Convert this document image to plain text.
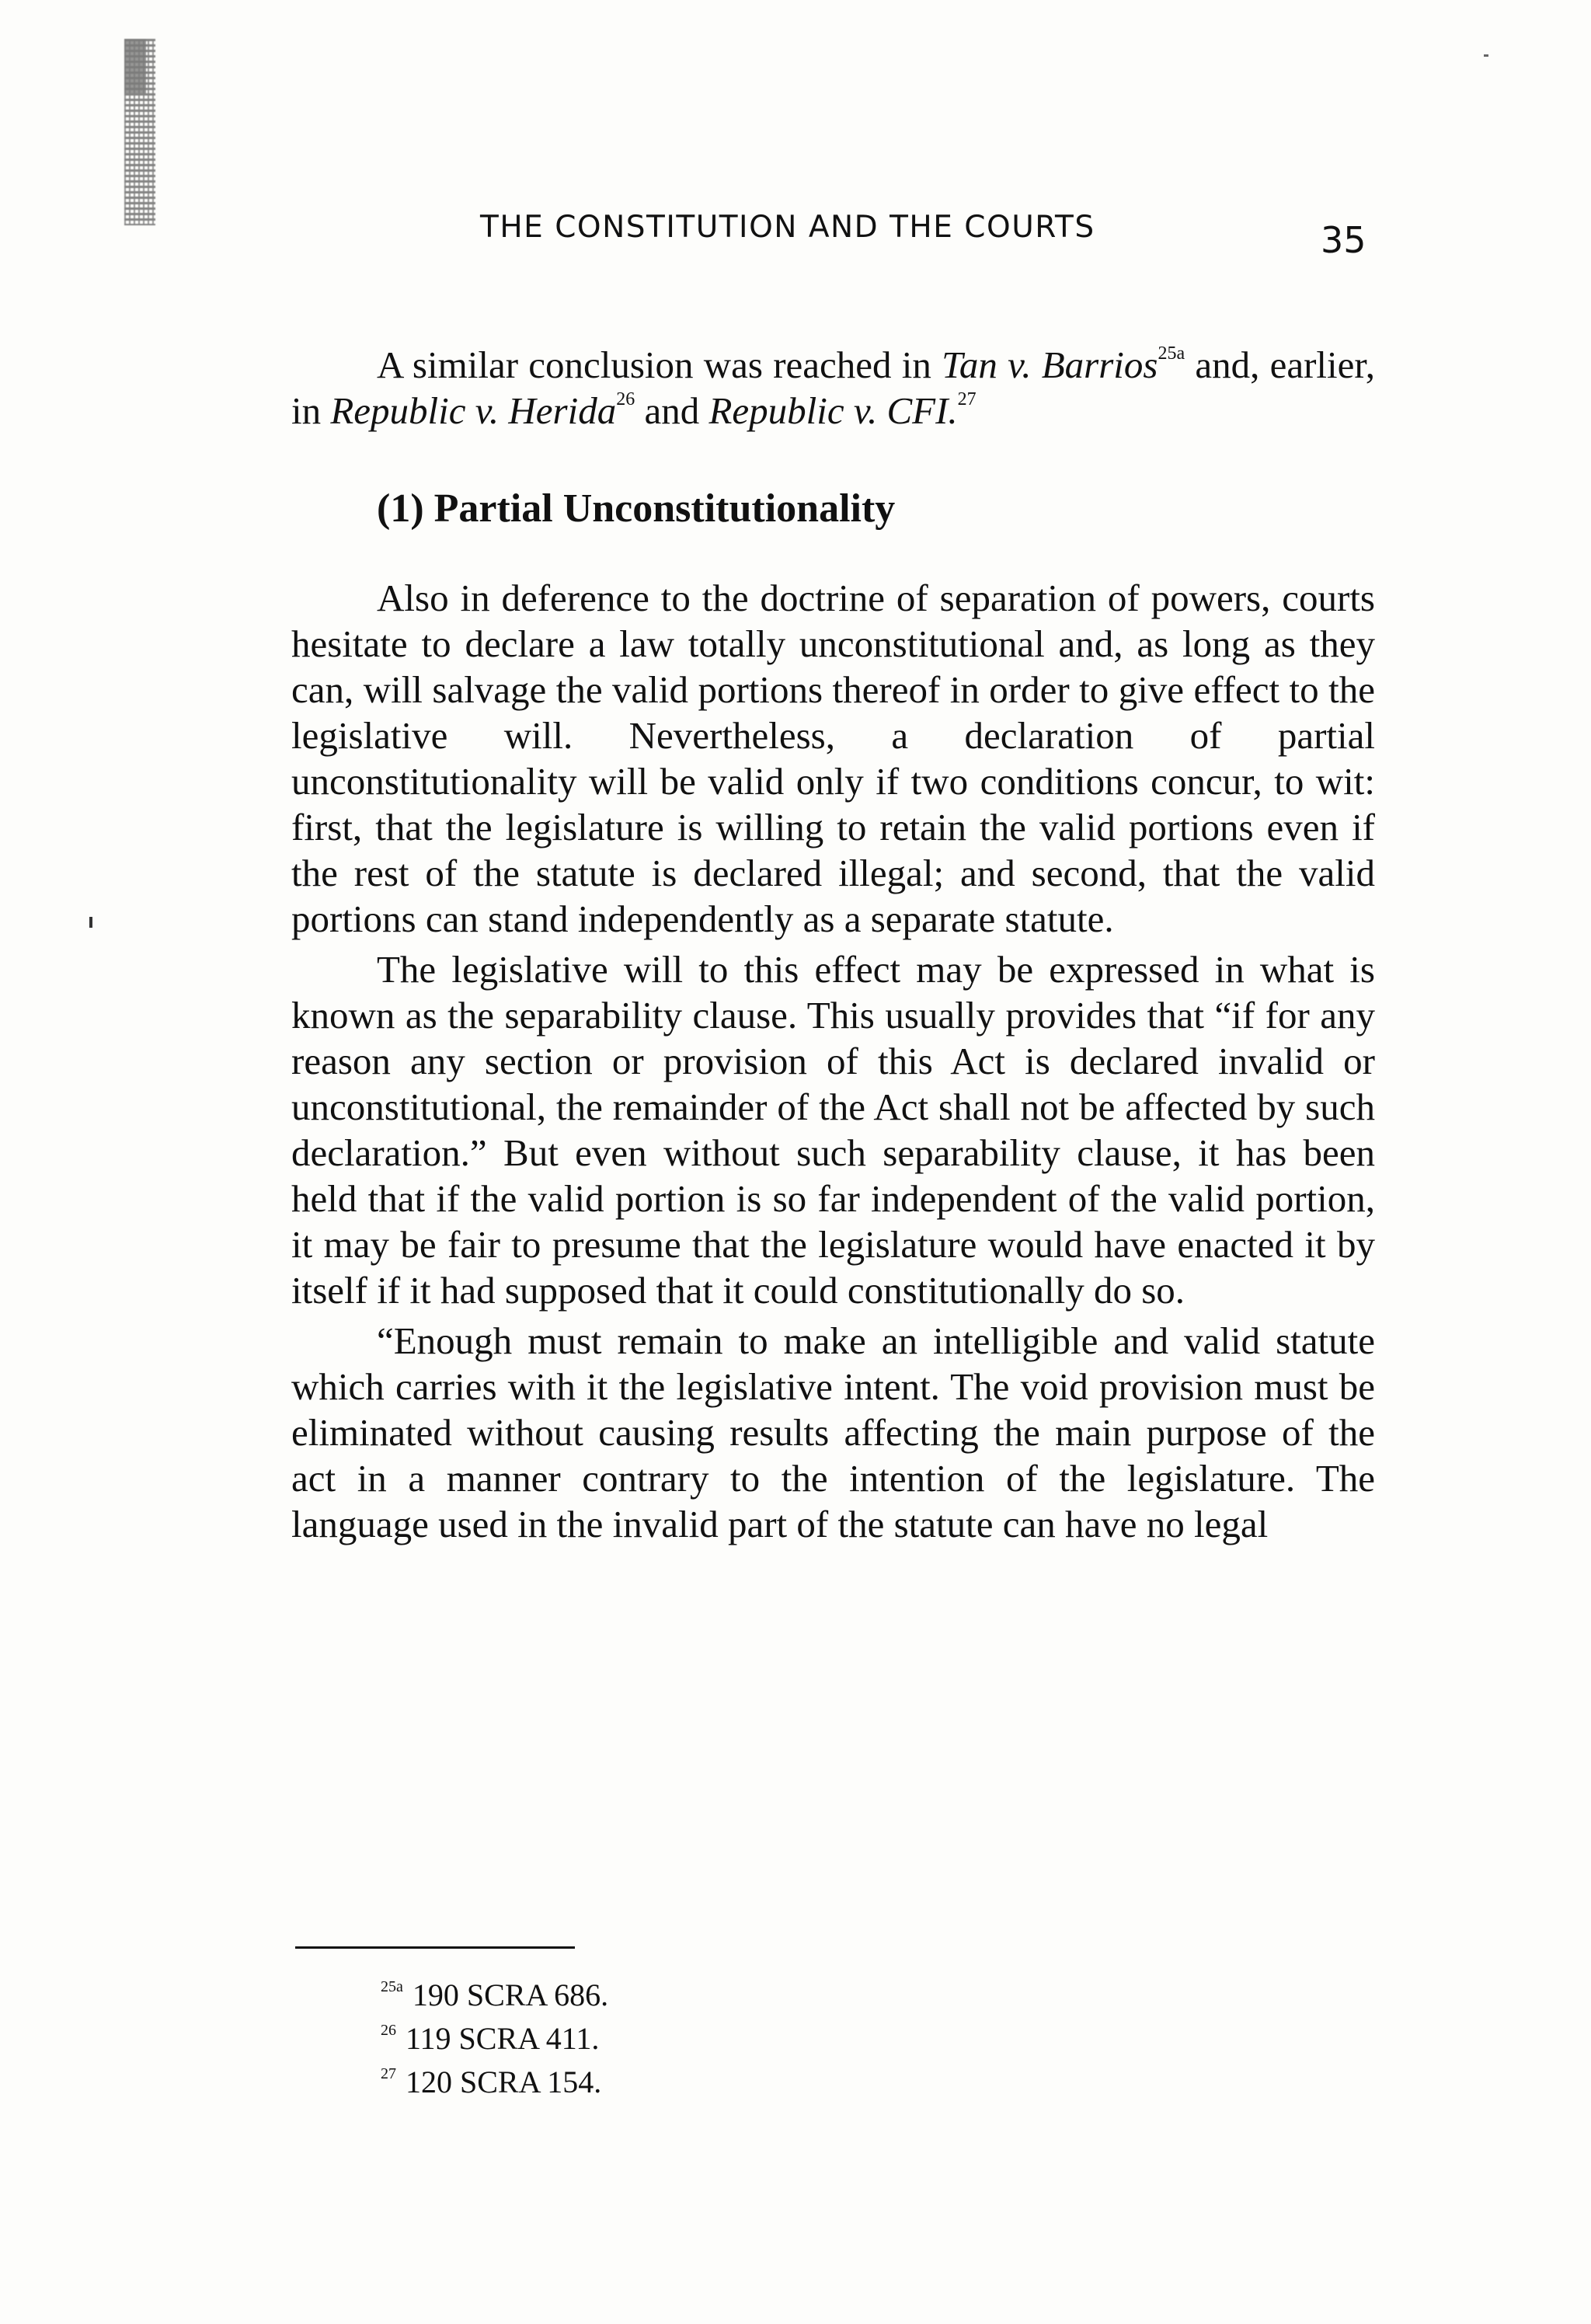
THE CONSTITUTION AND THE COURTS	35

A similar conclusion was reached in Tan v. Barrios$^{25a}$ and, earlier, in Republic v. Herida$^{26}$ and Republic v. CFI.$^{27}$

(1) Partial Unconstitutionality

Also in deference to the doctrine of separation of powers, courts hesitate to declare a law totally unconstitutional and, as long as they can, will salvage the valid portions thereof in order to give effect to the legislative will. Nevertheless, a declaration of partial unconstitutionality will be valid only if two conditions concur, to wit: first, that the legislature is willing to retain the valid portions even if the rest of the statute is declared illegal; and second, that the valid portions can stand independently as a separate statute.

The legislative will to this effect may be expressed in what is known as the separability clause. This usually provides that “if for any reason any section or provision of this Act is declared invalid or unconstitutional, the remainder of the Act shall not be affected by such declaration.” But even without such separability clause, it has been held that if the valid portion is so far independent of the valid portion, it may be fair to presume that the legislature would have enacted it by itself if it had supposed that it could constitutionally do so.

“Enough must remain to make an intelligible and valid statute which carries with it the legislative intent. The void provision must be eliminated without causing results affecting the main purpose of the act in a manner contrary to the intention of the legislature. The language used in the invalid part of the statute can have no legal

$^{25a}$ 190 SCRA 686.
$^{26}$ 119 SCRA 411.
$^{27}$ 120 SCRA 154.
